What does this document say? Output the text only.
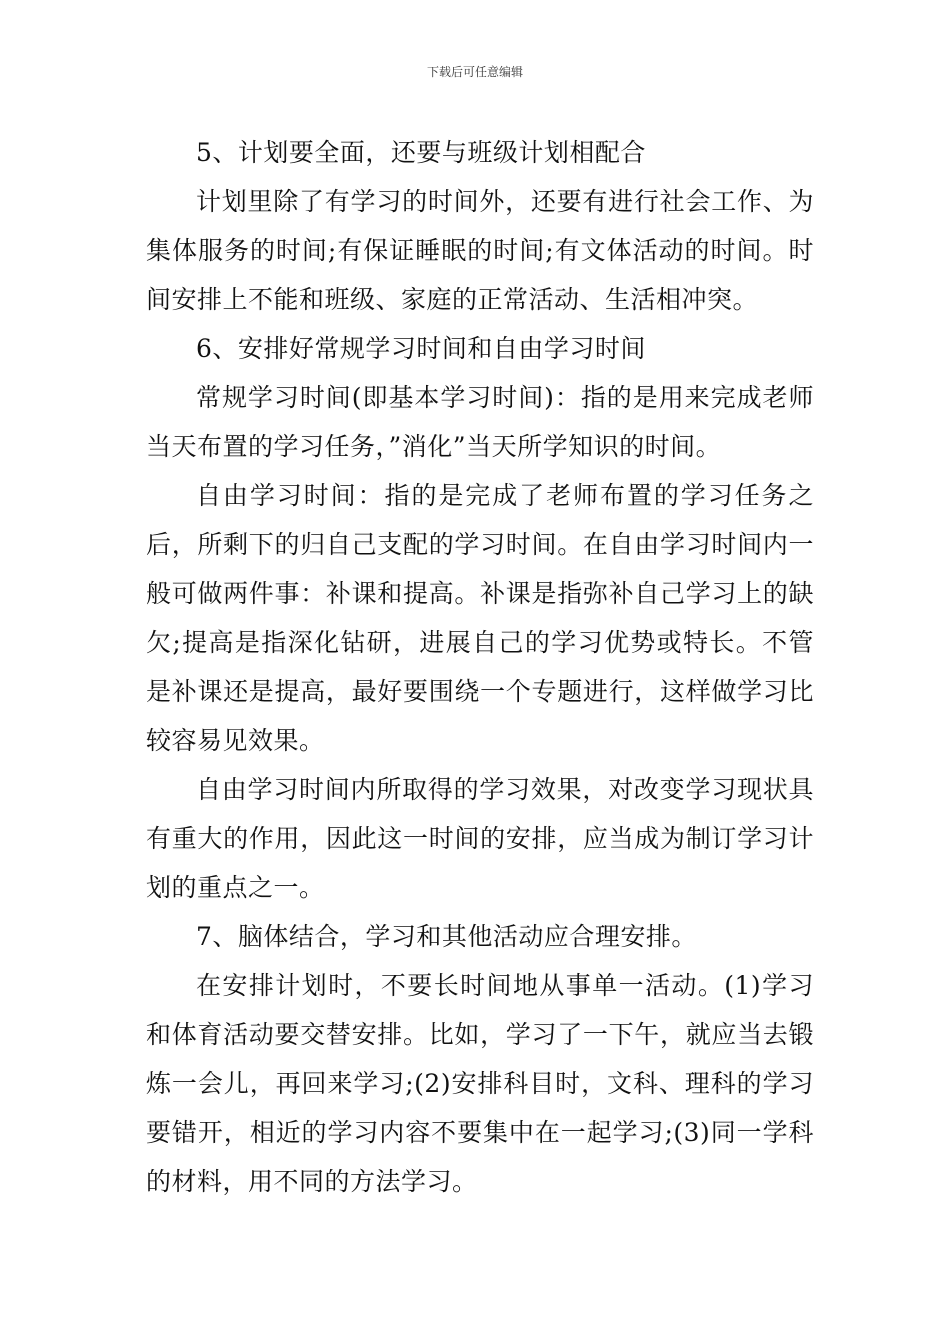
下载后可任意编辑

5、计划要全面，还要与班级计划相配合

计划里除了有学习的时间外，还要有进行社会工作、为集体服务的时间;有保证睡眠的时间;有文体活动的时间。时间安排上不能和班级、家庭的正常活动、生活相冲突。

6、安排好常规学习时间和自由学习时间

常规学习时间(即基本学习时间)：指的是用来完成老师当天布置的学习任务，”消化”当天所学知识的时间。

自由学习时间：指的是完成了老师布置的学习任务之后，所剩下的归自己支配的学习时间。在自由学习时间内一般可做两件事：补课和提高。补课是指弥补自己学习上的缺欠;提高是指深化钻研，进展自己的学习优势或特长。不管是补课还是提高，最好要围绕一个专题进行，这样做学习比较容易见效果。

自由学习时间内所取得的学习效果，对改变学习现状具有重大的作用，因此这一时间的安排，应当成为制订学习计划的重点之一。

7、脑体结合，学习和其他活动应合理安排。

在安排计划时，不要长时间地从事单一活动。(1)学习和体育活动要交替安排。比如，学习了一下午，就应当去锻炼一会儿，再回来学习;(2)安排科目时，文科、理科的学习要错开，相近的学习内容不要集中在一起学习;(3)同一学科的材料，用不同的方法学习。
